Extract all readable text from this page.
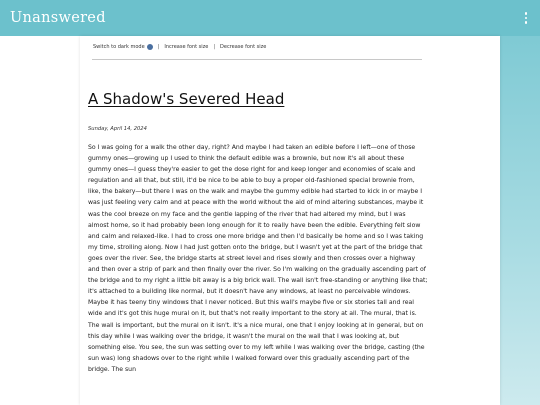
Unanswered
Switch to dark mode	| Increase font size | Decrease font size
A Shadow's Severed Head
Sunday, April 14, 2024
So I was going for a walk the other day, right? And maybe I had taken an edible before I left—one of those gummy ones—growing up I used to think the default edible was a brownie, but now it's all about these gummy ones—I guess they're easier to get the dose right for and keep longer and economies of scale and regulation and all that, but still, it'd be nice to be able to buy a proper old-fashioned special brownie from, like, the bakery—but there I was on the walk and maybe the gummy edible had started to kick in or maybe I was just feeling very calm and at peace with the world without the aid of mind altering substances, maybe it was the cool breeze on my face and the gentle lapping of the river that had altered my mind, but I was almost home, so it had probably been long enough for it to really have been the edible. Everything felt slow and calm and relaxed-like. I had to cross one more bridge and then I'd basically be home and so I was taking my time, strolling along. Now I had just gotten onto the bridge, but I wasn't yet at the part of the bridge that goes over the river. See, the bridge starts at street level and rises slowly and then crosses over a highway and then over a strip of park and then finally over the river. So I'm walking on the gradually ascending part of the bridge and to my right a little bit away is a big brick wall. The wall isn't free-standing or anything like that; it's attached to a building like normal, but it doesn't have any windows, at least no perceivable windows. Maybe it has teeny tiny windows that I never noticed. But this wall's maybe five or six stories tall and real wide and it's got this huge mural on it, but that's not really important to the story at all. The mural, that is. The wall is important, but the mural on it isn't. It's a nice mural, one that I enjoy looking at in general, but on this day while I was walking over the bridge, it wasn't the mural on the wall that I was looking at, but something else. You see, the sun was setting over to my left while I was walking over the bridge, casting (the sun was) long shadows over to the right while I walked forward over this gradually ascending part of the bridge. The sun
